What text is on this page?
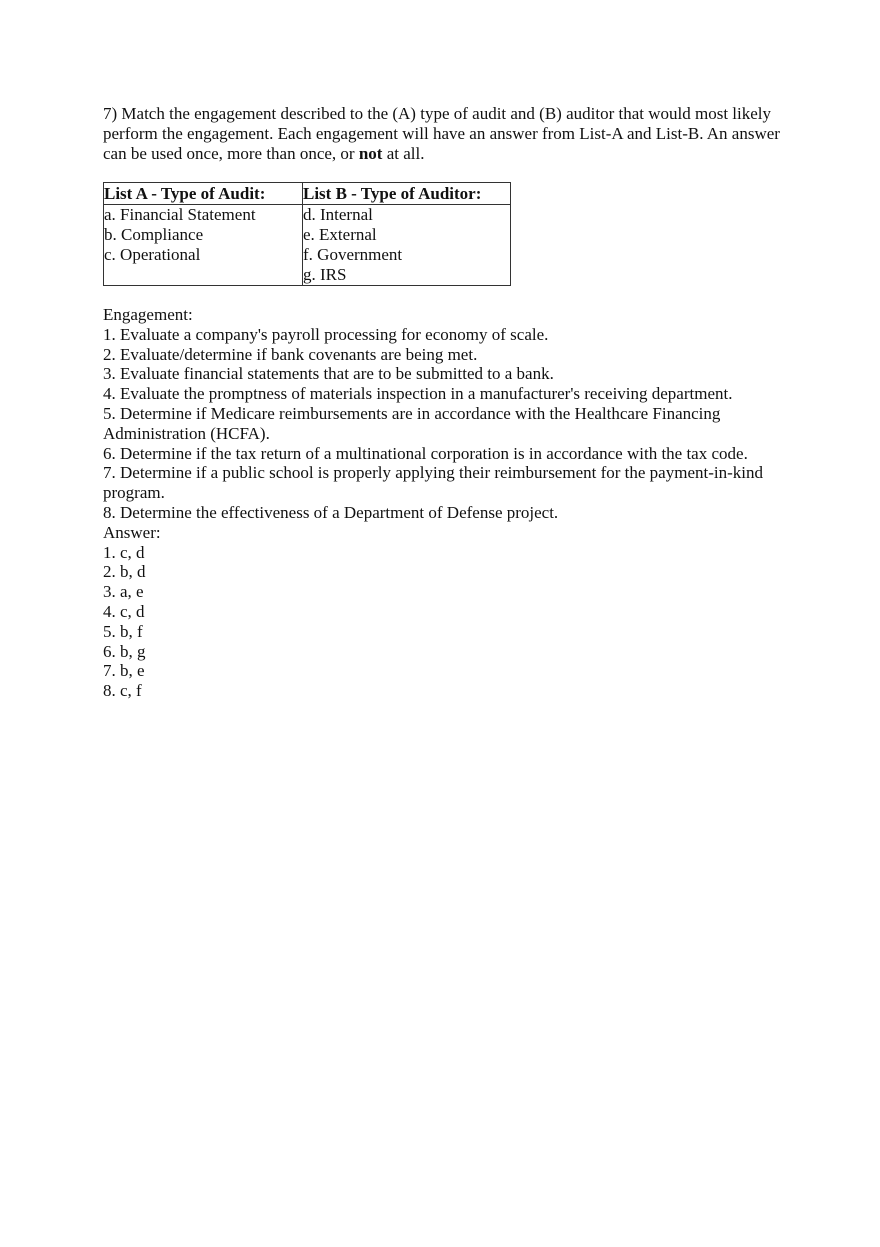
7) Match the engagement described to the (A) type of audit and (B) auditor that would most likely perform the engagement. Each engagement will have an answer from List-A and List-B. An answer can be used once, more than once, or not at all.
List A - Type of Audit:	List B - Type of Auditor:
a. Financial Statement	d. Internal
b. Compliance	e. External
c. Operational	f. Government
	g. IRS

Engagement:

1. Evaluate a company's payroll processing for economy of scale.

2. Evaluate/determine if bank covenants are being met.

3. Evaluate financial statements that are to be submitted to a bank.

4. Evaluate the promptness of materials inspection in a manufacturer's receiving department.

5. Determine if Medicare reimbursements are in accordance with the Healthcare Financing Administration (HCFA).

6. Determine if the tax return of a multinational corporation is in accordance with the tax code.

7. Determine if a public school is properly applying their reimbursement for the payment-in-kind program.

8. Determine the effectiveness of a Department of Defense project.

Answer:

1. c, d

2. b, d

3. a, e

4. c, d

5. b, f

6. b, g

7. b, e

8. c, f
